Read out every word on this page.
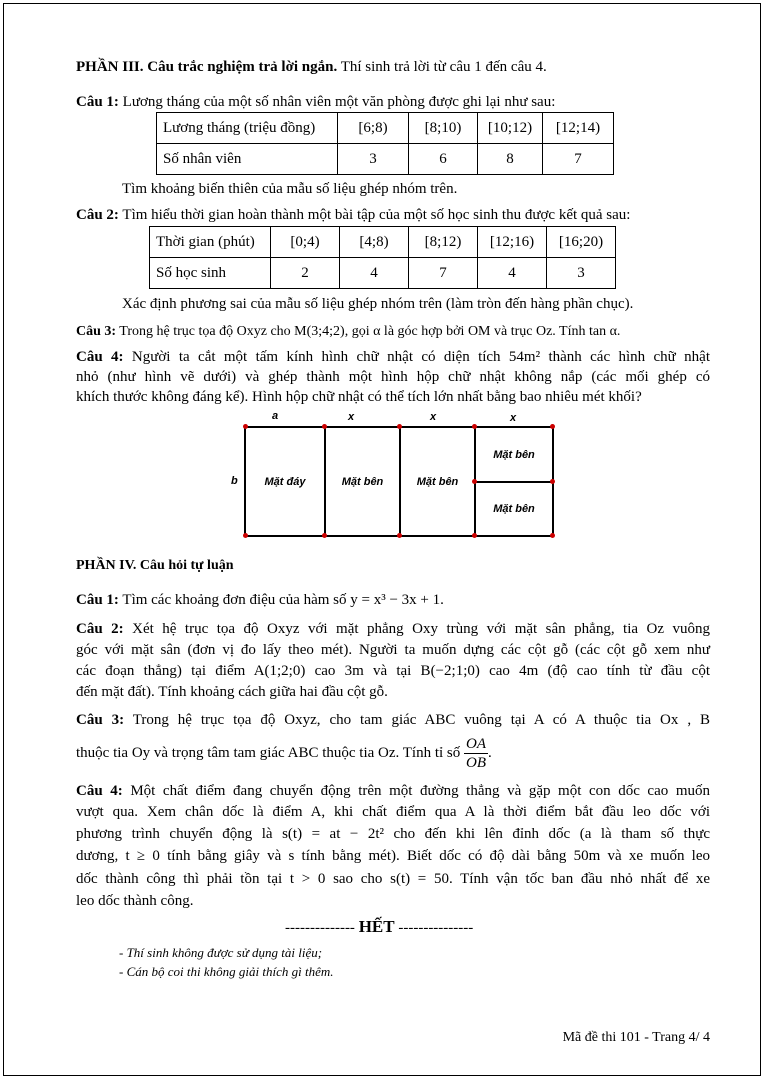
PHẦN III. Câu trắc nghiệm trả lời ngắn. Thí sinh trả lời từ câu 1 đến câu 4.
Câu 1: Lương tháng của một số nhân viên một văn phòng được ghi lại như sau:
Lương tháng (triệu đồng)	[6;8)	[8;10)	[10;12)	[12;14)
Số nhân viên	3	6	8	7
Tìm khoảng biến thiên của mẫu số liệu ghép nhóm trên.
Câu 2: Tìm hiểu thời gian hoàn thành một bài tập của một số học sinh thu được kết quả sau:
Thời gian (phút)	[0;4)	[4;8)	[8;12)	[12;16)	[16;20)
Số học sinh	2	4	7	4	3
Xác định phương sai của mẫu số liệu ghép nhóm trên (làm tròn đến hàng phần chục).
Câu 3: Trong hệ trục tọa độ Oxyz cho M(3;4;2), gọi α là góc hợp bởi OM và trục Oz. Tính tan α.
Câu 4: Người ta cắt một tấm kính hình chữ nhật có diện tích 54m² thành các hình chữ nhật
nhỏ (như hình vẽ dưới) và ghép thành một hình hộp chữ nhật không nắp (các mối ghép có
khích thước không đáng kể). Hình hộp chữ nhật có thể tích lớn nhất bằng bao nhiêu mét khối?
a	x	x	x
b Mặt đáy	Mặt bên	Mặt bên
Mặt bên
Mặt bên
PHẦN IV. Câu hỏi tự luận
Câu 1: Tìm các khoảng đơn điệu của hàm số y = x³ − 3x + 1.
Câu 2: Xét hệ trục tọa độ Oxyz với mặt phẳng Oxy trùng với mặt sân phẳng, tia Oz vuông
góc với mặt sân (đơn vị đo lấy theo mét). Người ta muốn dựng các cột gỗ (các cột gỗ xem như
các đoạn thẳng) tại điểm A(1;2;0) cao 3m và tại B(−2;1;0) cao 4m (độ cao tính từ đầu cột
đến mặt đất). Tính khoảng cách giữa hai đầu cột gỗ.
Câu 3: Trong hệ trục tọa độ Oxyz, cho tam giác ABC vuông tại A có A thuộc tia Ox , B
thuộc tia Oy và trọng tâm tam giác ABC thuộc tia Oz. Tính tỉ số $\frac{OA}{OB}$ .
Câu 4: Một chất điểm đang chuyển động trên một đường thẳng và gặp một con dốc cao muốn
vượt qua. Xem chân dốc là điểm A, khi chất điểm qua A là thời điểm bắt đầu leo dốc với
phương trình chuyển động là s(t) = at − 2t² cho đến khi lên đỉnh dốc (a là tham số thực
dương, t ≥ 0 tính bằng giây và s tính bằng mét). Biết dốc có độ dài bằng 50m và xe muốn leo
dốc thành công thì phải tồn tại t > 0 sao cho s(t) = 50. Tính vận tốc ban đầu nhỏ nhất để xe
leo dốc thành công.
-------------- HẾT ---------------
- Thí sinh không được sử dụng tài liệu;
- Cán bộ coi thi không giải thích gì thêm.
Mã đề thi 101 - Trang 4/ 4
